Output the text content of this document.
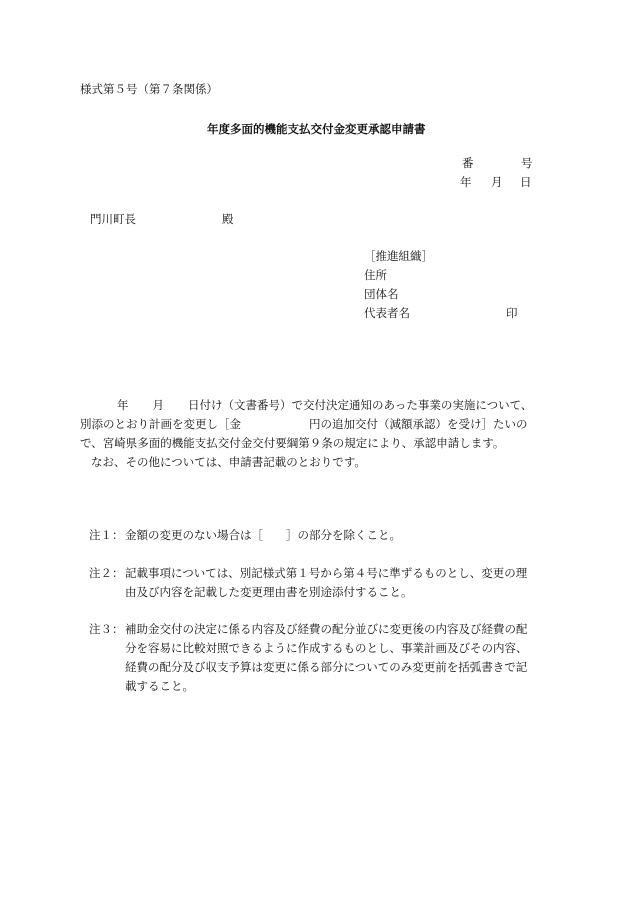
様式第５号（第７条関係）
年度多面的機能支払交付金変更承認申請書
番	号
年 月 日
門川町長	殿
［推進組織］
住所
団体名
代表者名	印
年 月 日付け（文書番号）で交付決定通知のあった事業の実施について、
別添のとおり計画を変更し［金	円の追加交付（減額承認）を受け］たいの
で、宮崎県多面的機能支払交付金交付要綱第９条の規定により、承認申請します。
なお、その他については、申請書記載のとおりです。
注１： 金額の変更のない場合は［　　］の部分を除くこと。
注２： 記載事項については、別記様式第１号から第４号に準ずるものとし、変更の理
由及び内容を記載した変更理由書を別途添付すること。
注３： 補助金交付の決定に係る内容及び経費の配分並びに変更後の内容及び経費の配
分を容易に比較対照できるように作成するものとし、事業計画及びその内容、
経費の配分及び収支予算は変更に係る部分についてのみ変更前を括弧書きで記
載すること。
